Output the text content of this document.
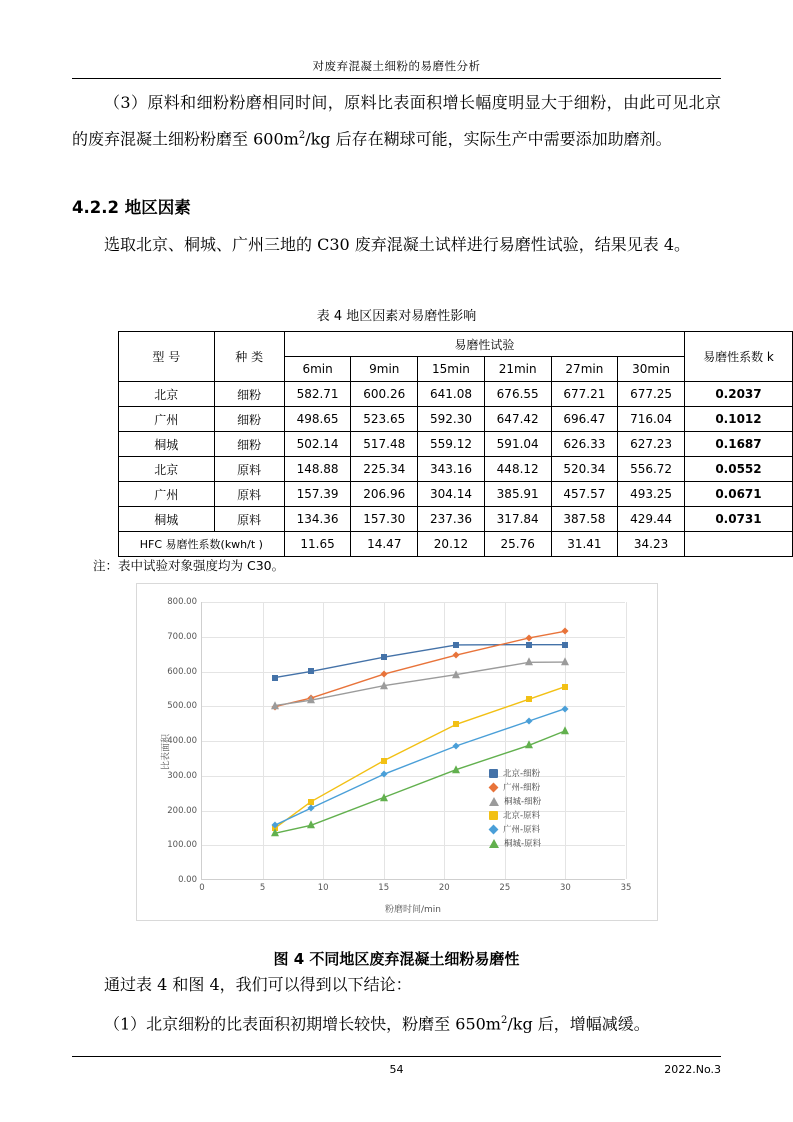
对废弃混凝土细粉的易磨性分析
（3）原料和细粉粉磨相同时间，原料比表面积增长幅度明显大于细粉，由此可见北京的废弃混凝土细粉粉磨至 $600m^2/kg$ 后存在糊球可能，实际生产中需要添加助磨剂。
4.2.2 地区因素
选取北京、桐城、广州三地的 C30 废弃混凝土试样进行易磨性试验，结果见表 4。
表 4 地区因素对易磨性影响
型 号	种 类	易磨性试验						易磨性系数 k
		6min	9min	15min	21min	27min	30min	
北京	细粉	582.71	600.26	641.08	676.55	677.21	677.25	0.2037
广州	细粉	498.65	523.65	592.30	647.42	696.47	716.04	0.1012
桐城	细粉	502.14	517.48	559.12	591.04	626.33	627.23	0.1687
北京	原料	148.88	225.34	343.16	448.12	520.34	556.72	0.0552
广州	原料	157.39	206.96	304.14	385.91	457.57	493.25	0.0671
桐城	原料	134.36	157.30	237.36	317.84	387.58	429.44	0.0731
HFC 易磨性系数(kwh/t )		11.65	14.47	20.12	25.76	31.41	34.23	
注：表中试验对象强度均为 C30。
比表面积
粉磨时间/min
0.00
100.00
200.00
300.00
400.00
500.00
600.00
700.00
800.00
0	5	10	15	20	25	30	35
北京-细粉
广州-细粉
桐城-细粉
北京-原料
广州-原料
桐城-原料
图 4 不同地区废弃混凝土细粉易磨性
通过表 4 和图 4，我们可以得到以下结论：
（1）北京细粉的比表面积初期增长较快，粉磨至 $650m^2/kg$ 后，增幅减缓。
54	2022.No.3
